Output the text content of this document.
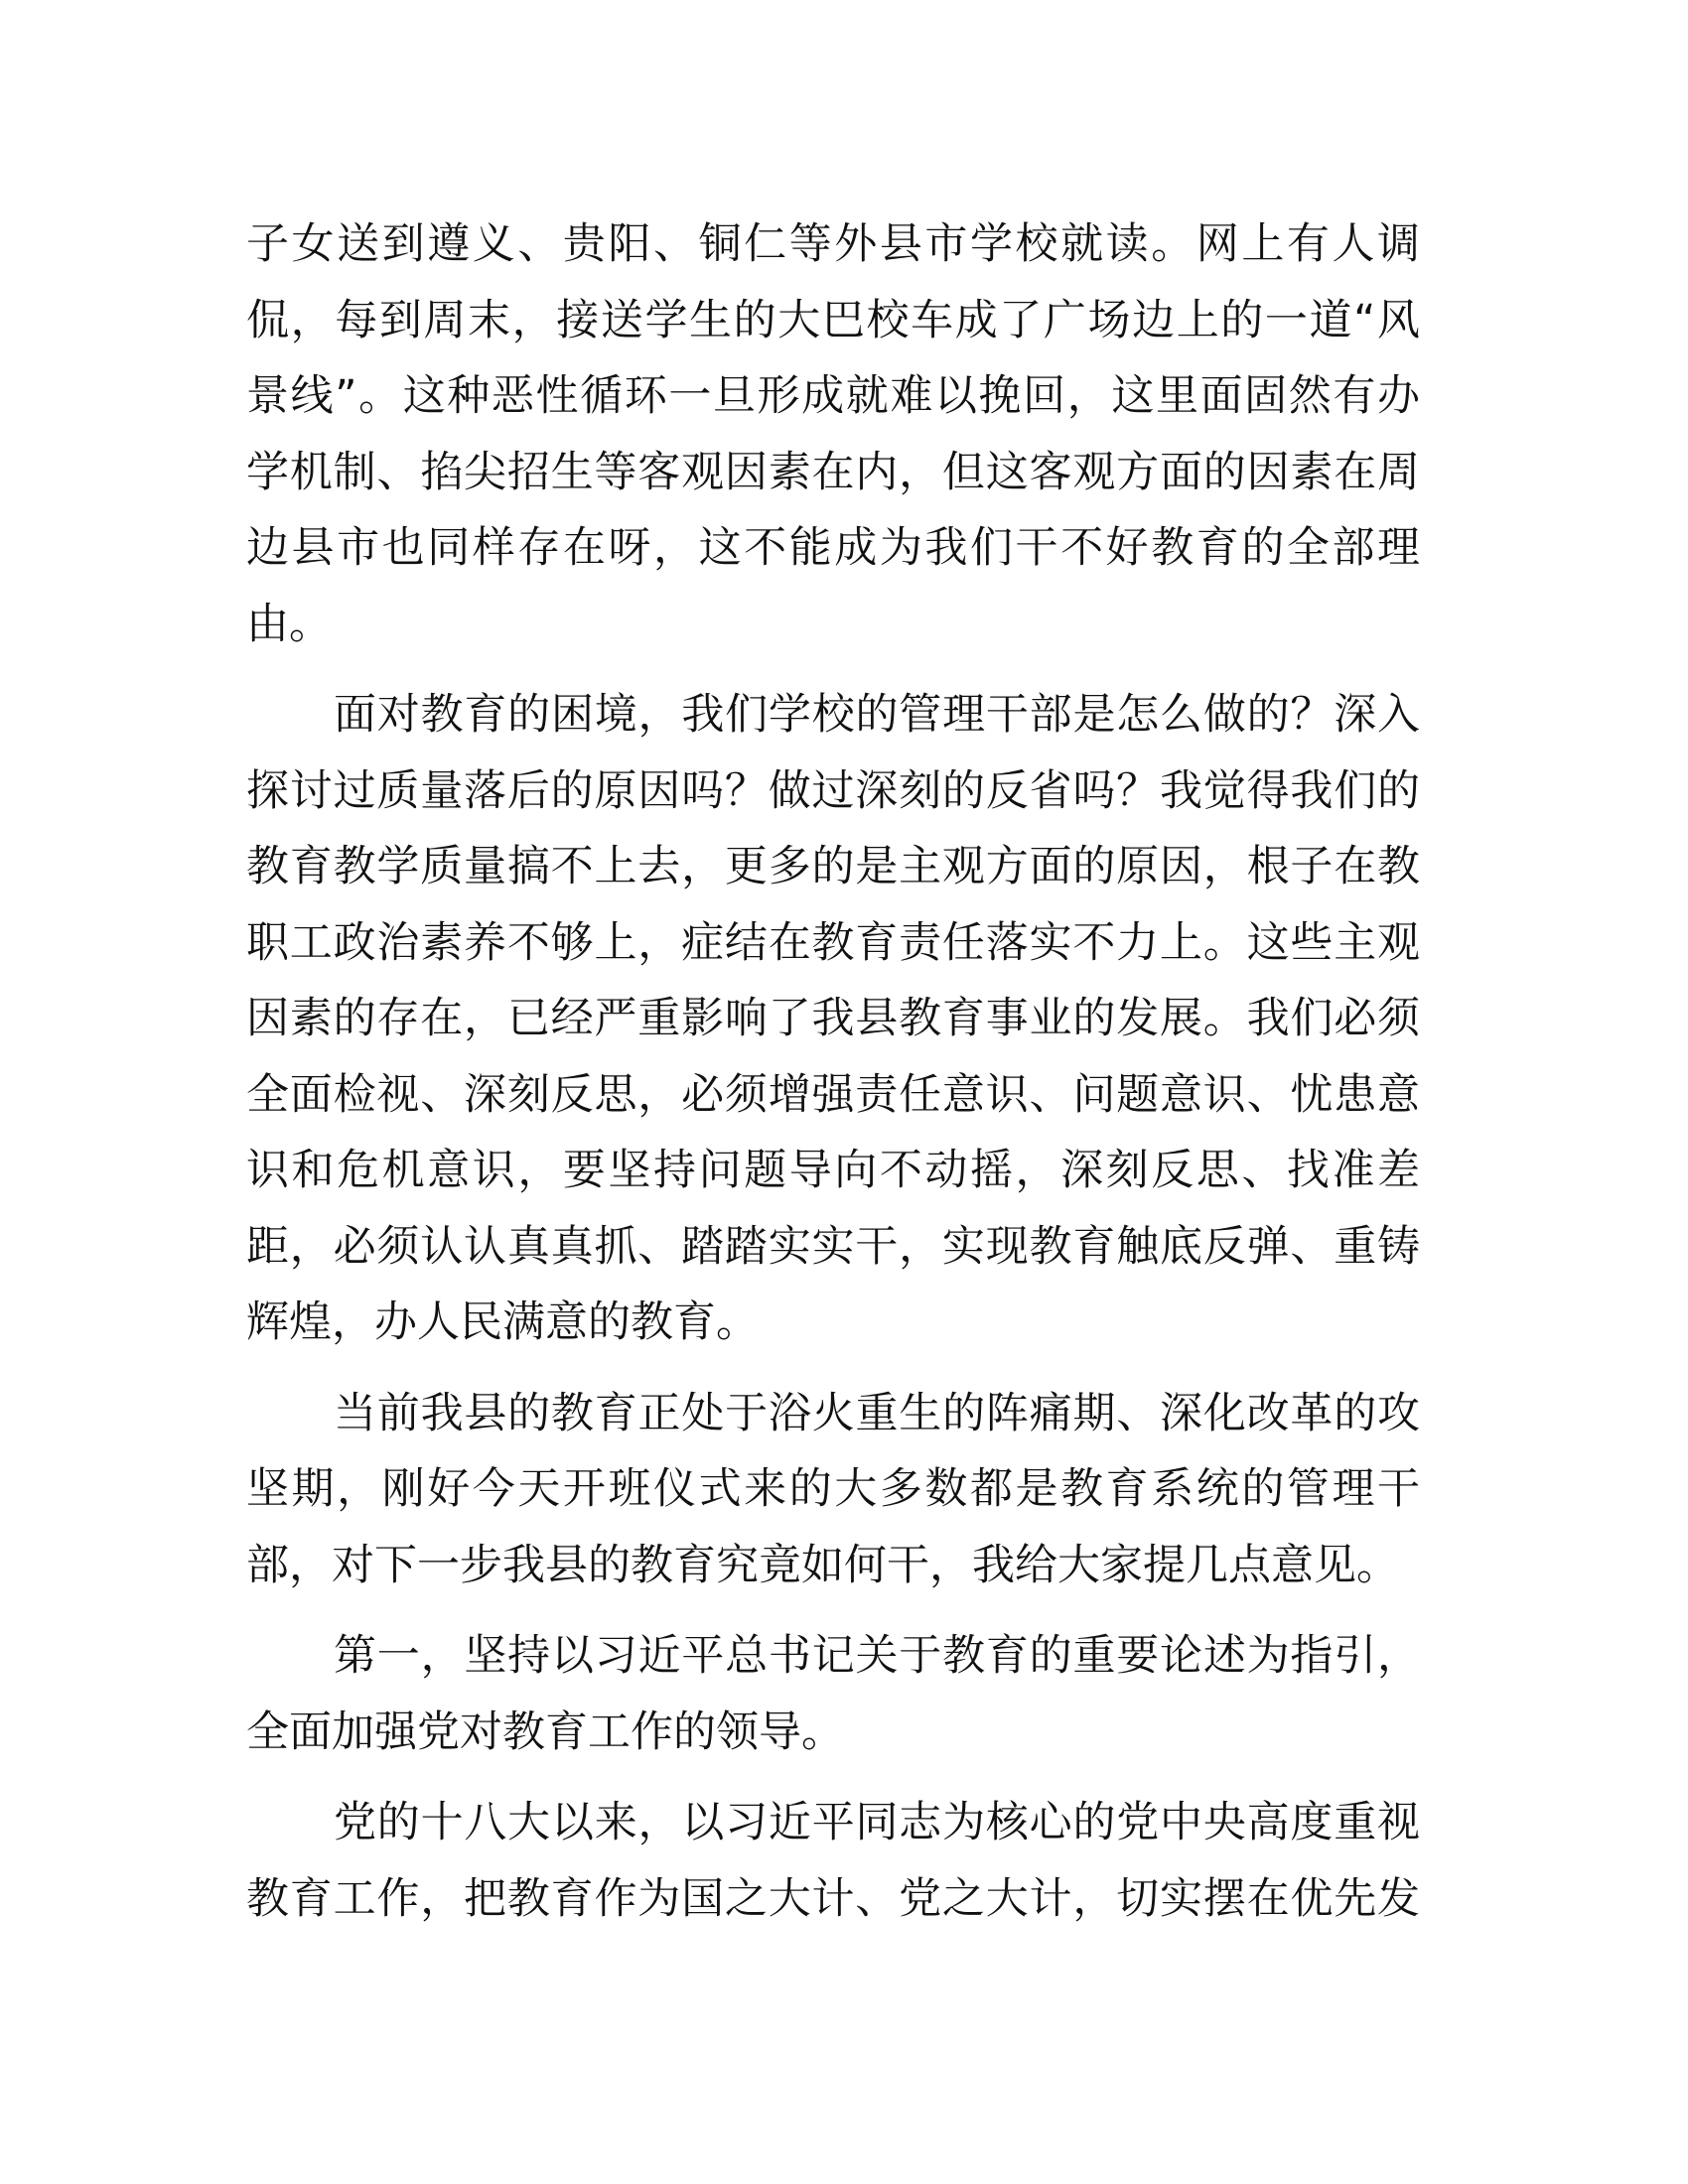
子女送到遵义、贵阳、铜仁等外县市学校就读。网上有人调
侃，每到周末，接送学生的大巴校车成了广场边上的一道“风
景线”。这种恶性循环一旦形成就难以挽回，这里面固然有办
学机制、掐尖招生等客观因素在内，但这客观方面的因素在周
边县市也同样存在呀，这不能成为我们干不好教育的全部理
由。
面对教育的困境，我们学校的管理干部是怎么做的？深入
探讨过质量落后的原因吗？做过深刻的反省吗？我觉得我们的
教育教学质量搞不上去，更多的是主观方面的原因，根子在教
职工政治素养不够上，症结在教育责任落实不力上。这些主观
因素的存在，已经严重影响了我县教育事业的发展。我们必须
全面检视、深刻反思，必须增强责任意识、问题意识、忧患意
识和危机意识，要坚持问题导向不动摇，深刻反思、找准差
距，必须认认真真抓、踏踏实实干，实现教育触底反弹、重铸
辉煌，办人民满意的教育。
当前我县的教育正处于浴火重生的阵痛期、深化改革的攻
坚期，刚好今天开班仪式来的大多数都是教育系统的管理干
部，对下一步我县的教育究竟如何干，我给大家提几点意见。
第一，坚持以习近平总书记关于教育的重要论述为指引，
全面加强党对教育工作的领导。
党的十八大以来，以习近平同志为核心的党中央高度重视
教育工作，把教育作为国之大计、党之大计，切实摆在优先发
